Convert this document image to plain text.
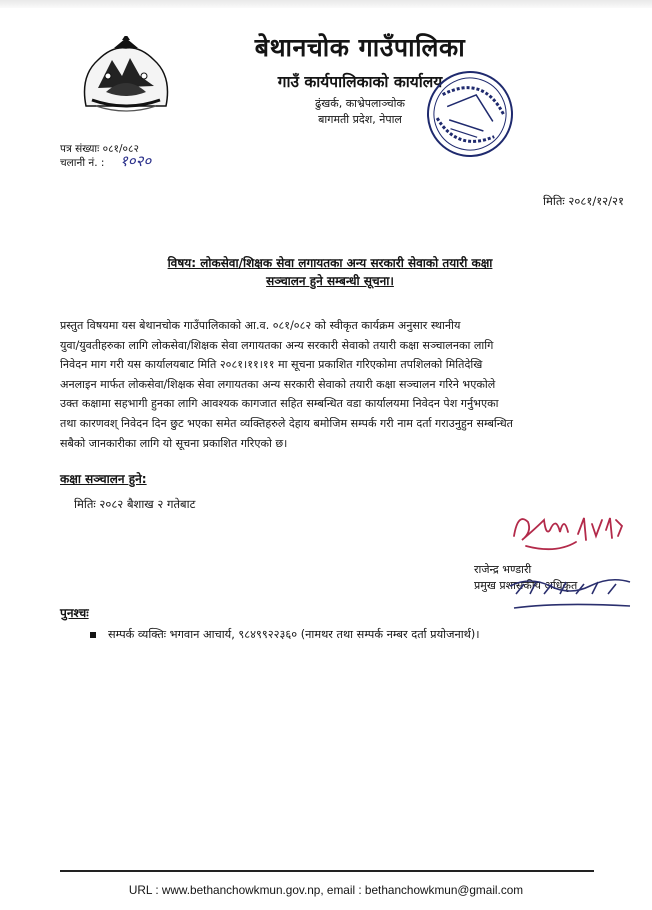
बेथानचोक गाउँपालिका
गाउँ कार्यपालिकाको कार्यालय
ढुंखर्क, काभ्रेपलाञ्चोक
बागमती प्रदेश, नेपाल
पत्र संख्याः ०८१/०८२
चलानी नं. : १०२०
मितिः २०८१/१२/२१
विषय: लोकसेवा/शिक्षक सेवा लगायतका अन्य सरकारी सेवाको तयारी कक्षा
सञ्चालन हुने सम्बन्धी सूचना।
प्रस्तुत विषयमा यस बेथानचोक गाउँपालिकाको आ.व. ०८१/०८२ को स्वीकृत कार्यक्रम अनुसार स्थानीय
युवा/युवतीहरुका लागि लोकसेवा/शिक्षक सेवा लगायतका अन्य सरकारी सेवाको तयारी कक्षा सञ्चालनका लागि
निवेदन माग गरी यस कार्यालयबाट मिति २०८१।११।११ मा सूचना प्रकाशित गरिएकोमा तपशिलको मितिदेखि
अनलाइन मार्फत लोकसेवा/शिक्षक सेवा लगायतका अन्य सरकारी सेवाको तयारी कक्षा सञ्चालन गरिने भएकोले
उक्त कक्षामा सहभागी हुनका लागि आवश्यक कागजात सहित सम्बन्धित वडा कार्यालयमा निवेदन पेश गर्नुभएका
तथा कारणवश् निवेदन दिन छुट भएका समेत व्यक्तिहरुले देहाय बमोजिम सम्पर्क गरी नाम दर्ता गराउनुहुन सम्बन्धित
सबैको जानकारीका लागि यो सूचना प्रकाशित गरिएको छ।
कक्षा सञ्चालन हुने:
मितिः २०८२ बैशाख २ गतेबाट
राजेन्द्र भण्डारी
प्रमुख प्रशासकीय अधिकृत
पुनश्चः
सम्पर्क व्यक्तिः भगवान आचार्य, ९८४९९२२३६० (नामथर तथा सम्पर्क नम्बर दर्ता प्रयोजनार्थ)।
URL : www.bethanchowkmun.gov.np, email : bethanchowkmun@gmail.com
